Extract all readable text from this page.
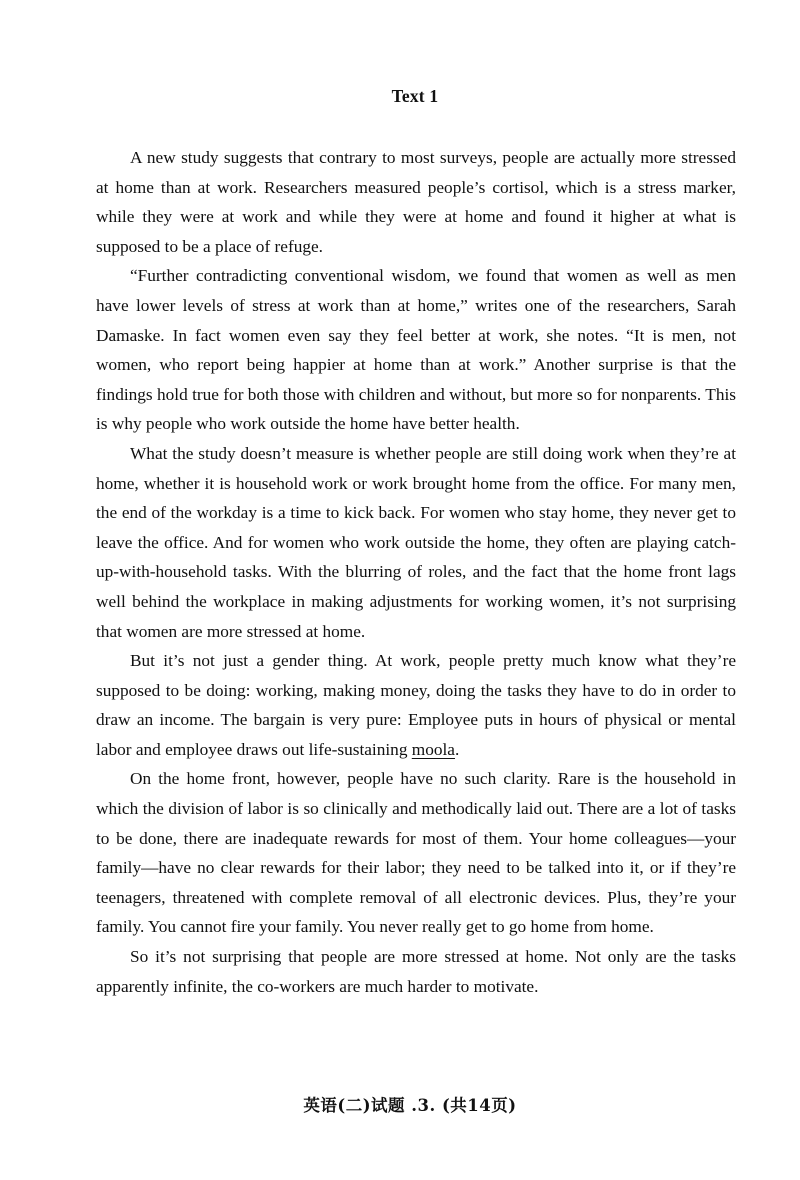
Text 1

A new study suggests that contrary to most surveys, people are actually more stressed at home than at work. Researchers measured people’s cortisol, which is a stress marker, while they were at work and while they were at home and found it higher at what is supposed to be a place of refuge.

“Further contradicting conventional wisdom, we found that women as well as men have lower levels of stress at work than at home,” writes one of the researchers, Sarah Damaske. In fact women even say they feel better at work, she notes. “It is men, not women, who report being happier at home than at work.” Another surprise is that the findings hold true for both those with children and without, but more so for nonparents. This is why people who work outside the home have better health.

What the study doesn’t measure is whether people are still doing work when they’re at home, whether it is household work or work brought home from the office. For many men, the end of the workday is a time to kick back. For women who stay home, they never get to leave the office. And for women who work outside the home, they often are playing catch-up-with-household tasks. With the blurring of roles, and the fact that the home front lags well behind the workplace in making adjustments for working women, it’s not surprising that women are more stressed at home.

But it’s not just a gender thing. At work, people pretty much know what they’re supposed to be doing: working, making money, doing the tasks they have to do in order to draw an income. The bargain is very pure: Employee puts in hours of physical or mental labor and employee draws out life-sustaining moola.

On the home front, however, people have no such clarity. Rare is the household in which the division of labor is so clinically and methodically laid out. There are a lot of tasks to be done, there are inadequate rewards for most of them. Your home colleagues—your family—have no clear rewards for their labor; they need to be talked into it, or if they’re teenagers, threatened with complete removal of all electronic devices. Plus, they’re your family. You cannot fire your family. You never really get to go home from home.

So it’s not surprising that people are more stressed at home. Not only are the tasks apparently infinite, the co-workers are much harder to motivate.

英语(二)试题 .3. (共14页)
